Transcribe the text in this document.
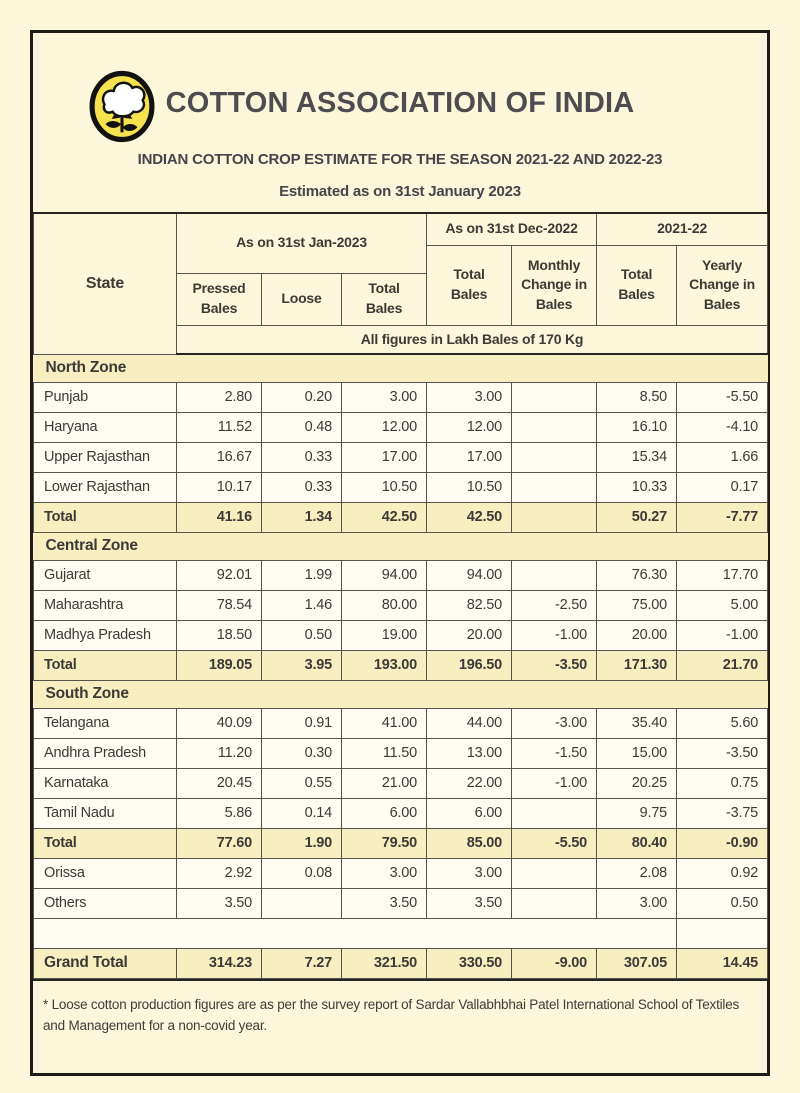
COTTON ASSOCIATION OF INDIA
INDIAN COTTON CROP ESTIMATE FOR THE SEASON 2021-22 AND 2022-23
Estimated as on 31st January 2023
State	As on 31st Jan-2023			As on 31st Dec-2022		2021-22	
				Total Bales	Monthly Change in Bales	Total Bales	Yearly Change in Bales
	Pressed Bales	Loose	Total Bales				
	All figures in Lakh Bales of 170 Kg						
North Zone							
Punjab	2.80	0.20	3.00	3.00		8.50	-5.50
Haryana	11.52	0.48	12.00	12.00		16.10	-4.10
Upper Rajasthan	16.67	0.33	17.00	17.00		15.34	1.66
Lower Rajasthan	10.17	0.33	10.50	10.50		10.33	0.17
Total	41.16	1.34	42.50	42.50		50.27	-7.77
Central Zone							
Gujarat	92.01	1.99	94.00	94.00		76.30	17.70
Maharashtra	78.54	1.46	80.00	82.50	-2.50	75.00	5.00
Madhya Pradesh	18.50	0.50	19.00	20.00	-1.00	20.00	-1.00
Total	189.05	3.95	193.00	196.50	-3.50	171.30	21.70
South Zone							
Telangana	40.09	0.91	41.00	44.00	-3.00	35.40	5.60
Andhra Pradesh	11.20	0.30	11.50	13.00	-1.50	15.00	-3.50
Karnataka	20.45	0.55	21.00	22.00	-1.00	20.25	0.75
Tamil Nadu	5.86	0.14	6.00	6.00		9.75	-3.75
Total	77.60	1.90	79.50	85.00	-5.50	80.40	-0.90
Orissa	2.92	0.08	3.00	3.00		2.08	0.92
Others	3.50		3.50	3.50		3.00	0.50

Grand Total	314.23	7.27	321.50	330.50	-9.00	307.05	14.45
* Loose cotton production figures are as per the survey report of Sardar Vallabhbhai Patel International School of Textiles and Management for a non-covid year.
